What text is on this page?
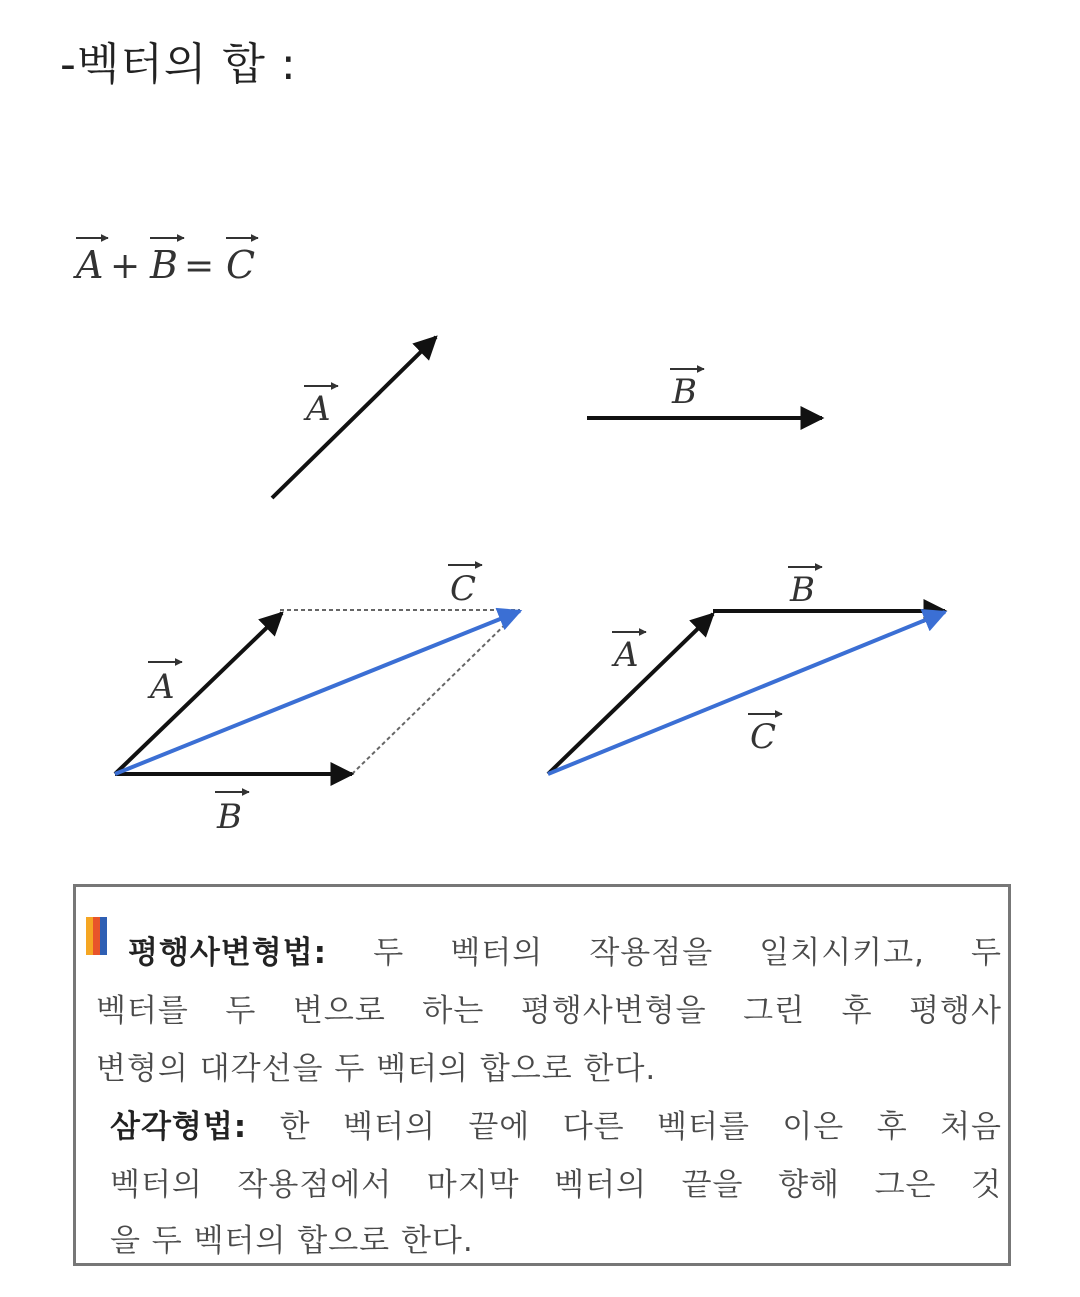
-벡터의 합 :
A + B = C
A	B
A
B
C
A
B
C
평행사변형법: 두 벡터의 작용점을 일치시키고, 두
벡터를 두 변으로 하는 평행사변형을 그린 후 평행사
변형의 대각선을 두 벡터의 합으로 한다.
삼각형법: 한 벡터의 끝에 다른 벡터를 이은 후 처음
벡터의 작용점에서 마지막 벡터의 끝을 향해 그은 것
을 두 벡터의 합으로 한다.
